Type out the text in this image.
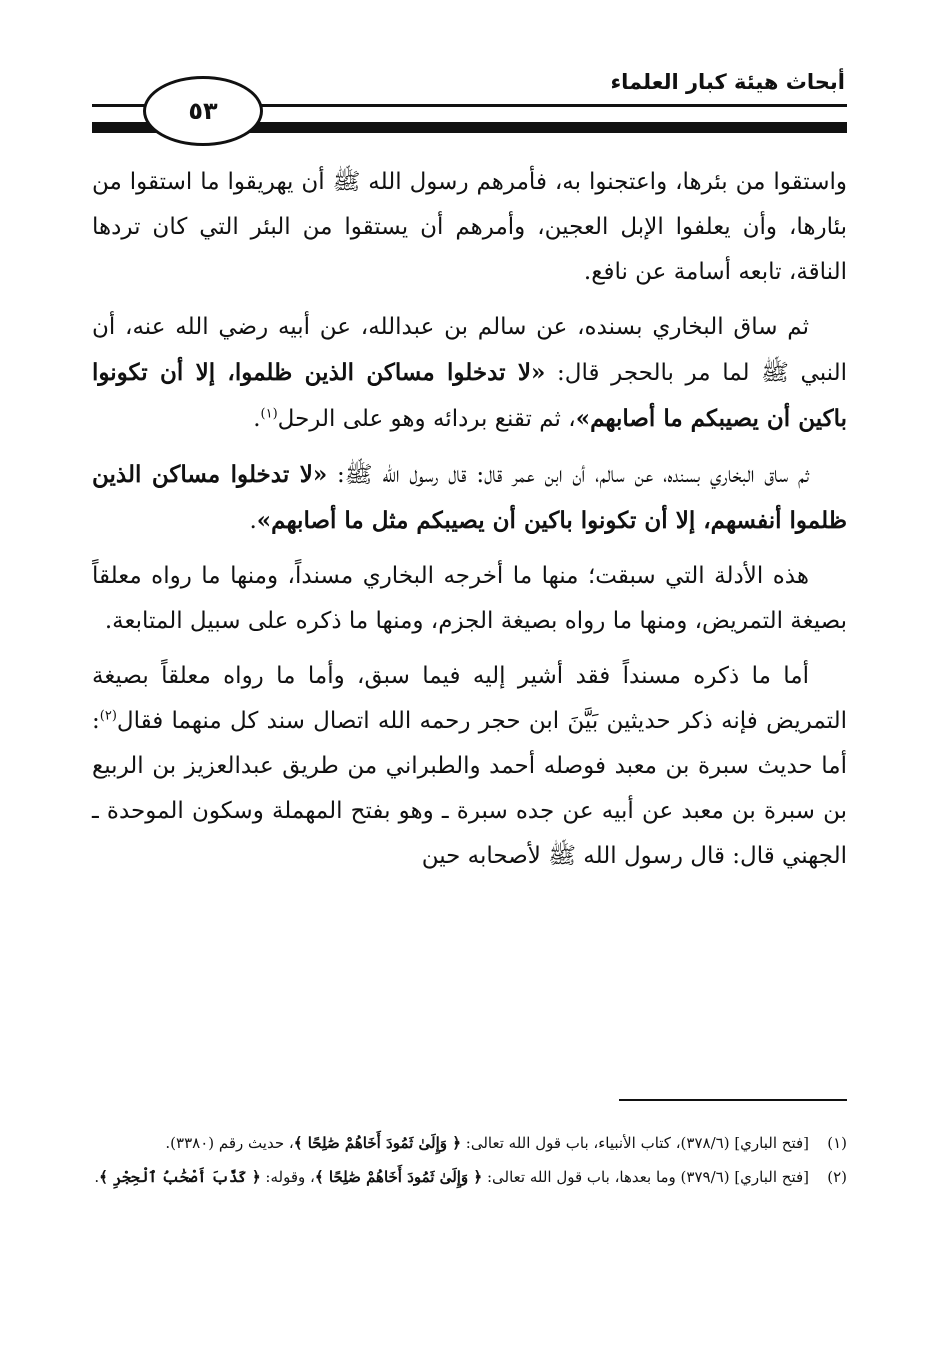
أبحاث هيئة كبار العلماء
٥٣

واستقوا من بئرها، واعتجنوا به، فأمرهم رسول الله ﷺ أن يهريقوا ما استقوا من بئارها، وأن يعلفوا الإبل العجين، وأمرهم أن يستقوا من البئر التي كان تردها الناقة، تابعه أسامة عن نافع.

ثم ساق البخاري بسنده، عن سالم بن عبدالله، عن أبيه رضي الله عنه، أن النبي ﷺ لما مر بالحجر قال: «لا تدخلوا مساكن الذين ظلموا، إلا أن تكونوا باكين أن يصيبكم ما أصابهم»، ثم تقنع بردائه وهو على الرحل$^{(١)}$.

ثم ساق البخاري بسنده، عن سالم، أن ابن عمر قال: قال رسول الله ﷺ: «لا تدخلوا مساكن الذين ظلموا أنفسهم، إلا أن تكونوا باكين أن يصيبكم مثل ما أصابهم».

هذه الأدلة التي سبقت؛ منها ما أخرجه البخاري مسنداً، ومنها ما رواه معلقاً بصيغة التمريض، ومنها ما رواه بصيغة الجزم، ومنها ما ذكره على سبيل المتابعة.

أما ما ذكره مسنداً فقد أشير إليه فيما سبق، وأما ما رواه معلقاً بصيغة التمريض فإنه ذكر حديثين بَيَّنَ ابن حجر رحمه الله اتصال سند كل منهما فقال$^{(٢)}$: أما حديث سبرة بن معبد فوصله أحمد والطبراني من طريق عبدالعزيز بن الربيع بن سبرة بن معبد عن أبيه عن جده سبرة ـ وهو بفتح المهملة وسكون الموحدة ـ الجهني قال: قال رسول الله ﷺ لأصحابه حين

(١)
[فتح الباري] (٣٧٨/٦)، كتاب الأنبياء، باب قول الله تعالى: ﴿ وَإِلَىٰ ثَمُودَ أَخَاهُمْ صَٰلِحًا ﴾، حديث رقم (٣٣٨٠).
(٢)
[فتح الباري] (٣٧٩/٦) وما بعدها، باب قول الله تعالى: ﴿ وَإِلَىٰ ثَمُودَ أَخَاهُمْ صَٰلِحًا ﴾، وقوله: ﴿ كَذَّبَ أَصْحَٰبُ ٱلْحِجْرِ ﴾.
